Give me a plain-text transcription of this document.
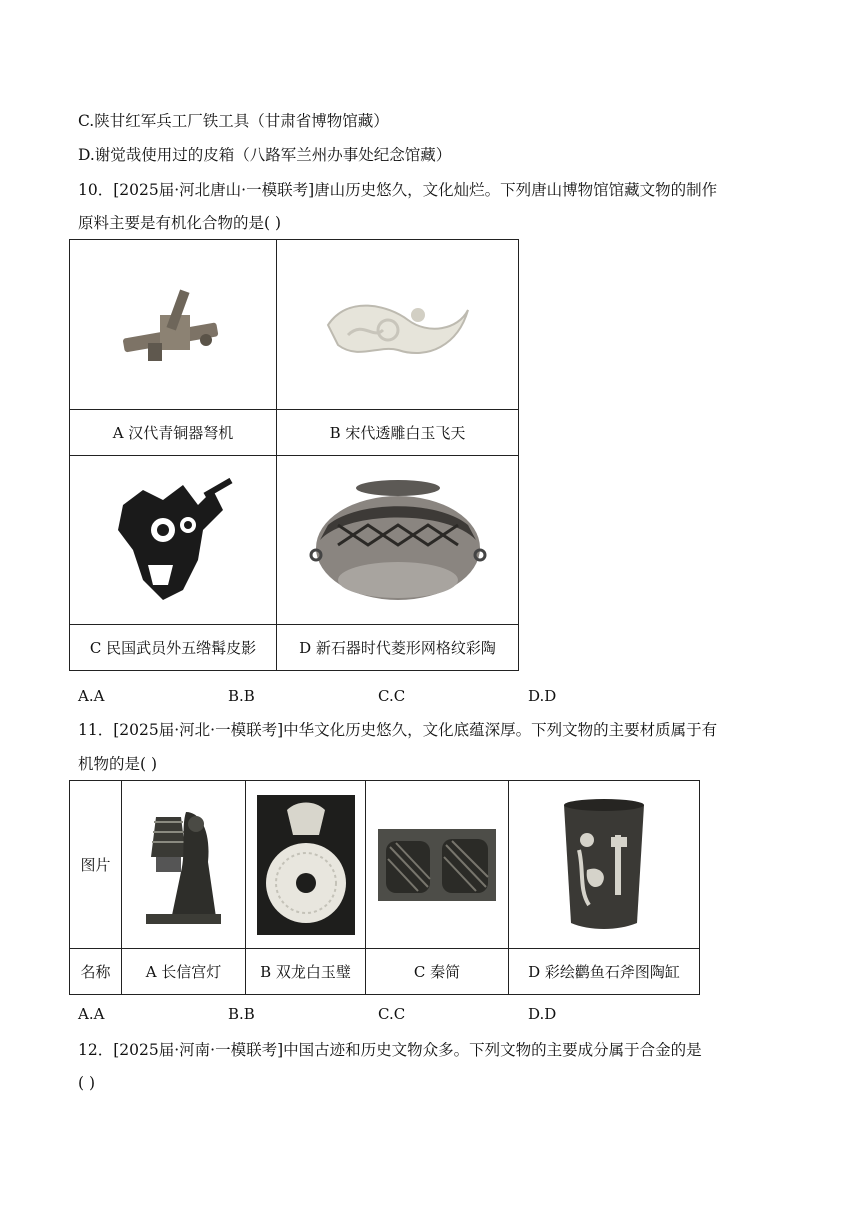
C.陕甘红军兵工厂铁工具（甘肃省博物馆藏）
D.谢觉哉使用过的皮箱（八路军兰州办事处纪念馆藏）
10．[2025届·河北唐山·一模联考]唐山历史悠久，文化灿烂。下列唐山博物馆馆藏文物的制作
原料主要是有机化合物的是( )

A 汉代青铜器弩机	B 宋代透雕白玉飞天

C 民国武员外五绺髯皮影	D 新石器时代菱形网格纹彩陶
A.A	B.B	C.C	D.D
11．[2025届·河北·一模联考]中华文化历史悠久，文化底蕴深厚。下列文物的主要材质属于有
机物的是( )
图片	

名称	A 长信宫灯	B 双龙白玉璧	C 秦简	D 彩绘鹳鱼石斧图陶缸
A.A	B.B	C.C	D.D
12．[2025届·河南·一模联考]中国古迹和历史文物众多。下列文物的主要成分属于合金的是
( )
